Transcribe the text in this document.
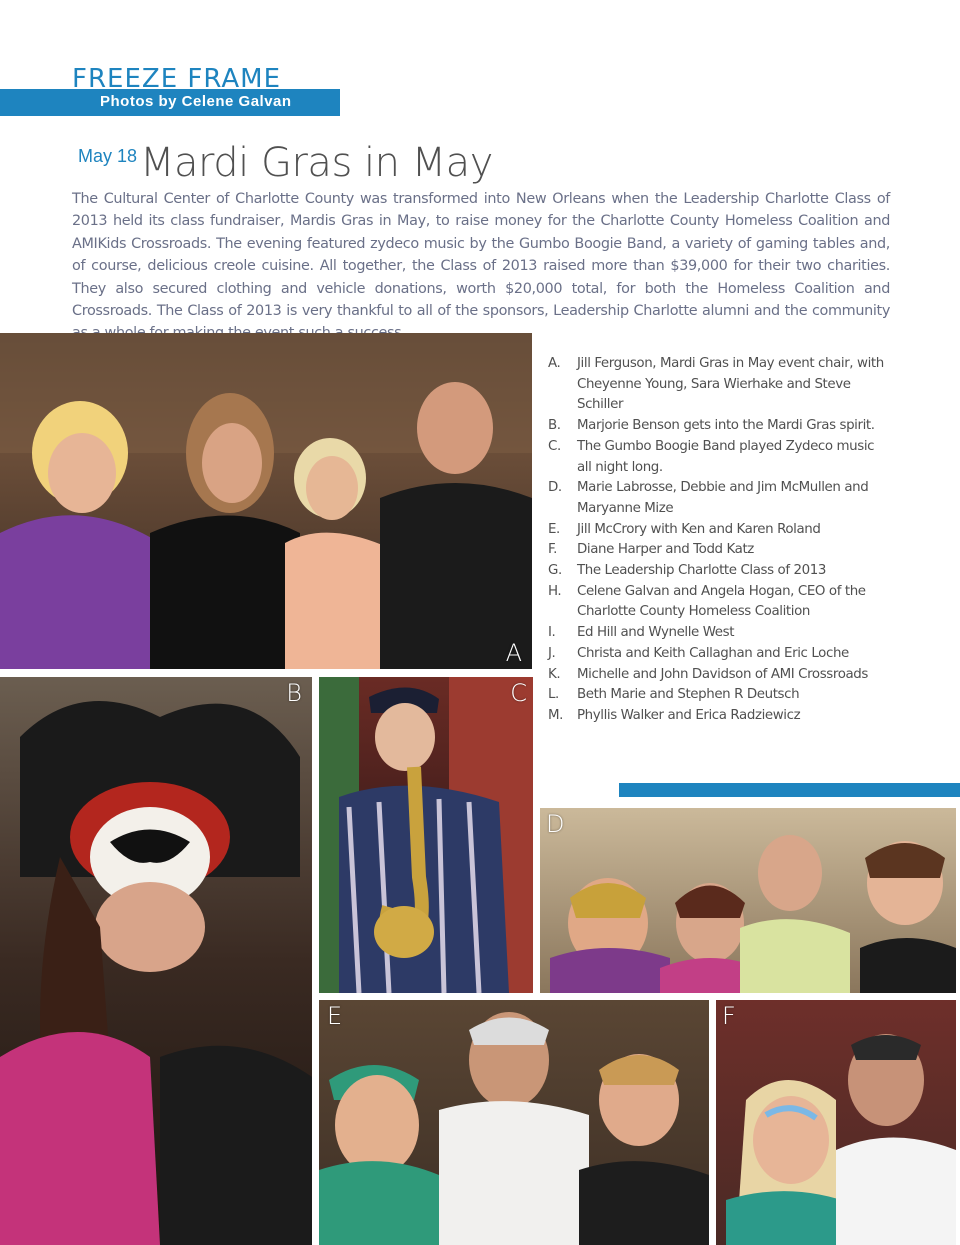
FREEZE FRAME
Photos by Celene Galvan
May 18 Mardi Gras in May
The Cultural Center of Charlotte County was transformed into New Orleans when the Leadership Charlotte Class of 2013 held its class fundraiser, Mardis Gras in May, to raise money for the Charlotte County Homeless Coalition and AMIKids Crossroads. The evening featured zydeco music by the Gumbo Boogie Band, a variety of gaming tables and, of course, delicious creole cuisine. All together, the Class of 2013 raised more than $39,000 for their two charities. They also secured clothing and vehicle donations, worth $20,000 total, for both the Homeless Coalition and Crossroads. The Class of 2013 is very thankful to all of the sponsors, Leadership Charlotte alumni and the community
A
B	C
D
E	F
A.	Jill Ferguson, Mardi Gras in May event chair, with Cheyenne Young, Sara Wierhake and Steve Schiller
B.	Marjorie Benson gets into the Mardi Gras spirit.
C.	The Gumbo Boogie Band played Zydeco music all night long.
D.	Marie Labrosse, Debbie and Jim McMullen and Maryanne Mize
E.	Jill McCrory with Ken and Karen Roland
F.	Diane Harper and Todd Katz
G.	The Leadership Charlotte Class of 2013
H.	Celene Galvan and Angela Hogan, CEO of the Charlotte County Homeless Coalition
I.	Ed Hill and Wynelle West
J.	Christa and Keith Callaghan and Eric Loche
K.	Michelle and John Davidson of AMI Crossroads
L.	Beth Marie and Stephen R Deutsch
M.	Phyllis Walker and Erica Radziewicz
